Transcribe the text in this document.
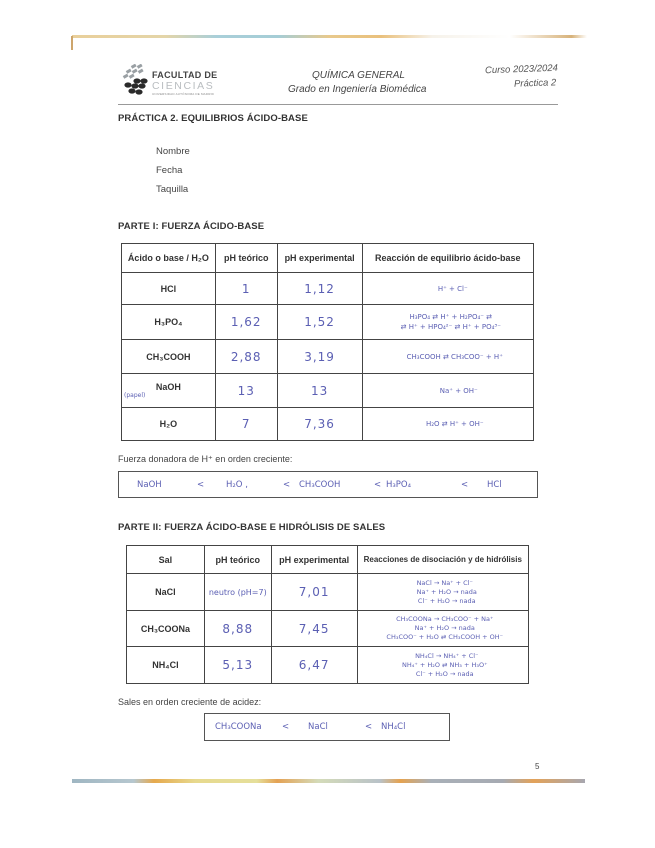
FACULTAD DE
CIENCIAS
UNIVERSIDAD AUTÓNOMA DE MADRID
QUÍMICA GENERAL
Grado en Ingeniería Biomédica
Curso 2023/2024
Práctica 2
PRÁCTICA 2. EQUILIBRIOS ÁCIDO-BASE
Nombre
Fecha
Taquilla
PARTE I: FUERZA ÁCIDO-BASE
Ácido o base / H₂O	pH teórico	pH experimental	Reacción de equilibrio ácido-base
HCl	1	1,12	H⁺ + Cl⁻

H₃PO₄	1,62	1,52	H₃PO₄ ⇄ H⁺ + H₂PO₄⁻ ⇄
⇄ H⁺ + HPO₄²⁻ ⇄ H⁺ + PO₄³⁻

CH₃COOH	2,88	3,19	CH₃COOH ⇄ CH₃COO⁻ + H⁺

NaOH
(papel)	13	13	Na⁺ + OH⁻

H₂O	7	7,36	H₂O ⇄ H⁺ + OH⁻
Fuerza donadora de H⁺ en orden creciente:
NaOH	<	H₂O ,	< CH₃COOH	< H₃PO₄	< HCl
PARTE II: FUERZA ÁCIDO-BASE E HIDRÓLISIS DE SALES
Sal	pH teórico	pH experimental	Reacciones de disociación y de hidrólisis
NaCl	neutro (pH=7)	7,01	NaCl → Na⁺ + Cl⁻
Na⁺ + H₂O → nada
Cl⁻ + H₂O → nada

CH₃COONa	8,88	7,45	CH₃COONa → CH₃COO⁻ + Na⁺
Na⁺ + H₂O → nada
CH₃COO⁻ + H₂O ⇄ CH₃COOH + OH⁻

NH₄Cl	5,13	6,47	NH₄Cl → NH₄⁺ + Cl⁻
NH₄⁺ + H₂O ⇄ NH₃ + H₃O⁺
Cl⁻ + H₂O → nada
Sales en orden creciente de acidez:
CH₃COONa < NaCl	< NH₄Cl
5
